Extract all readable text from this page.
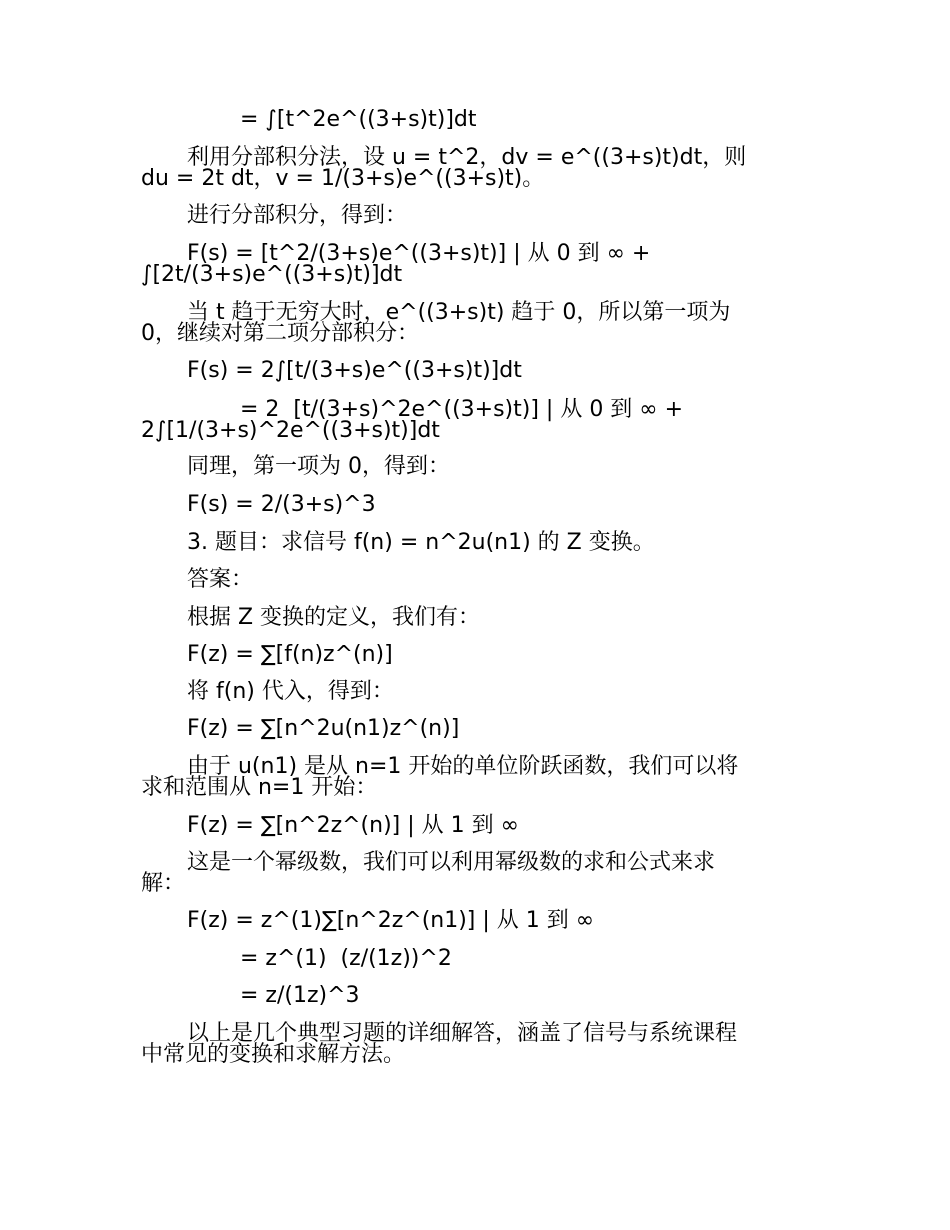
= ∫[t^2e^((3+s)t)]dt

利用分部积分法，设 u = t^2，dv = e^((3+s)t)dt，则

du = 2t dt，v = 1/(3+s)e^((3+s)t)。

进行分部积分，得到：

F(s) = [t^2/(3+s)e^((3+s)t)] | 从 0 到 ∞ +

∫[2t/(3+s)e^((3+s)t)]dt

当 t 趋于无穷大时，e^((3+s)t) 趋于 0，所以第一项为

0，继续对第二项分部积分：

F(s) = 2∫[t/(3+s)e^((3+s)t)]dt

= 2  [t/(3+s)^2e^((3+s)t)] | 从 0 到 ∞ +

2∫[1/(3+s)^2e^((3+s)t)]dt

同理，第一项为 0，得到：

F(s) = 2/(3+s)^3

3. 题目：求信号 f(n) = n^2u(n1) 的 Z 变换。

答案：

根据 Z 变换的定义，我们有：

F(z) = ∑[f(n)z^(n)]

将 f(n) 代入，得到：

F(z) = ∑[n^2u(n1)z^(n)]

由于 u(n1) 是从 n=1 开始的单位阶跃函数，我们可以将

求和范围从 n=1 开始：

F(z) = ∑[n^2z^(n)] | 从 1 到 ∞

这是一个幂级数，我们可以利用幂级数的求和公式来求

解：

F(z) = z^(1)∑[n^2z^(n1)] | 从 1 到 ∞

= z^(1)  (z/(1z))^2

= z/(1z)^3

以上是几个典型习题的详细解答，涵盖了信号与系统课程

中常见的变换和求解方法。
